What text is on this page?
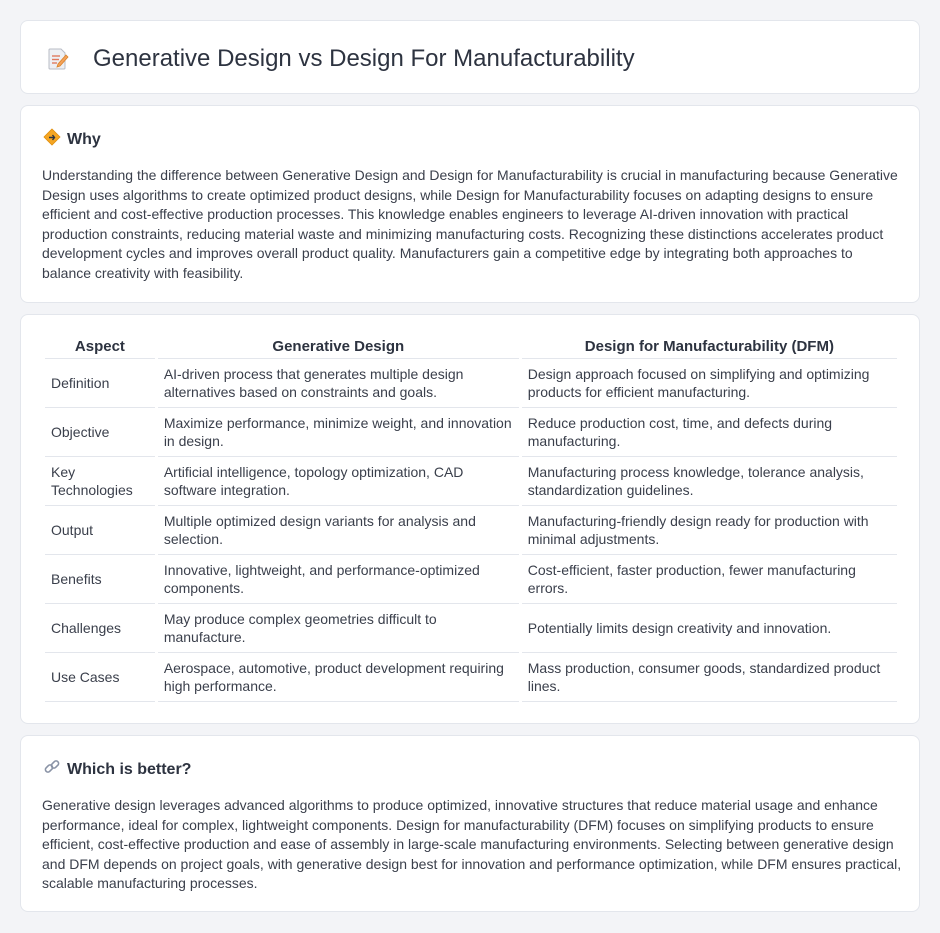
Generative Design vs Design For Manufacturability
Why

Understanding the difference between Generative Design and Design for Manufacturability is crucial in manufacturing because Generative Design uses algorithms to create optimized product designs, while Design for Manufacturability focuses on adapting designs to ensure efficient and cost-effective production processes. This knowledge enables engineers to leverage AI-driven innovation with practical production constraints, reducing material waste and minimizing manufacturing costs. Recognizing these distinctions accelerates product development cycles and improves overall product quality. Manufacturers gain a competitive edge by integrating both approaches to balance creativity with feasibility.

Aspect	Generative Design	Design for Manufacturability (DFM)
Definition	AI-driven process that generates multiple design alternatives based on constraints and goals.	Design approach focused on simplifying and optimizing products for efficient manufacturing.
Objective	Maximize performance, minimize weight, and innovation in design.	Reduce production cost, time, and defects during manufacturing.
Key Technologies	Artificial intelligence, topology optimization, CAD software integration.	Manufacturing process knowledge, tolerance analysis, standardization guidelines.
Output	Multiple optimized design variants for analysis and selection.	Manufacturing-friendly design ready for production with minimal adjustments.
Benefits	Innovative, lightweight, and performance-optimized components.	Cost-efficient, faster production, fewer manufacturing errors.
Challenges	May produce complex geometries difficult to manufacture.	Potentially limits design creativity and innovation.
Use Cases	Aerospace, automotive, product development requiring high performance.	Mass production, consumer goods, standardized product lines.
Which is better?

Generative design leverages advanced algorithms to produce optimized, innovative structures that reduce material usage and enhance performance, ideal for complex, lightweight components. Design for manufacturability (DFM) focuses on simplifying products to ensure efficient, cost-effective production and ease of assembly in large-scale manufacturing environments. Selecting between generative design and DFM depends on project goals, with generative design best for innovation and performance optimization, while DFM ensures practical, scalable manufacturing processes.
